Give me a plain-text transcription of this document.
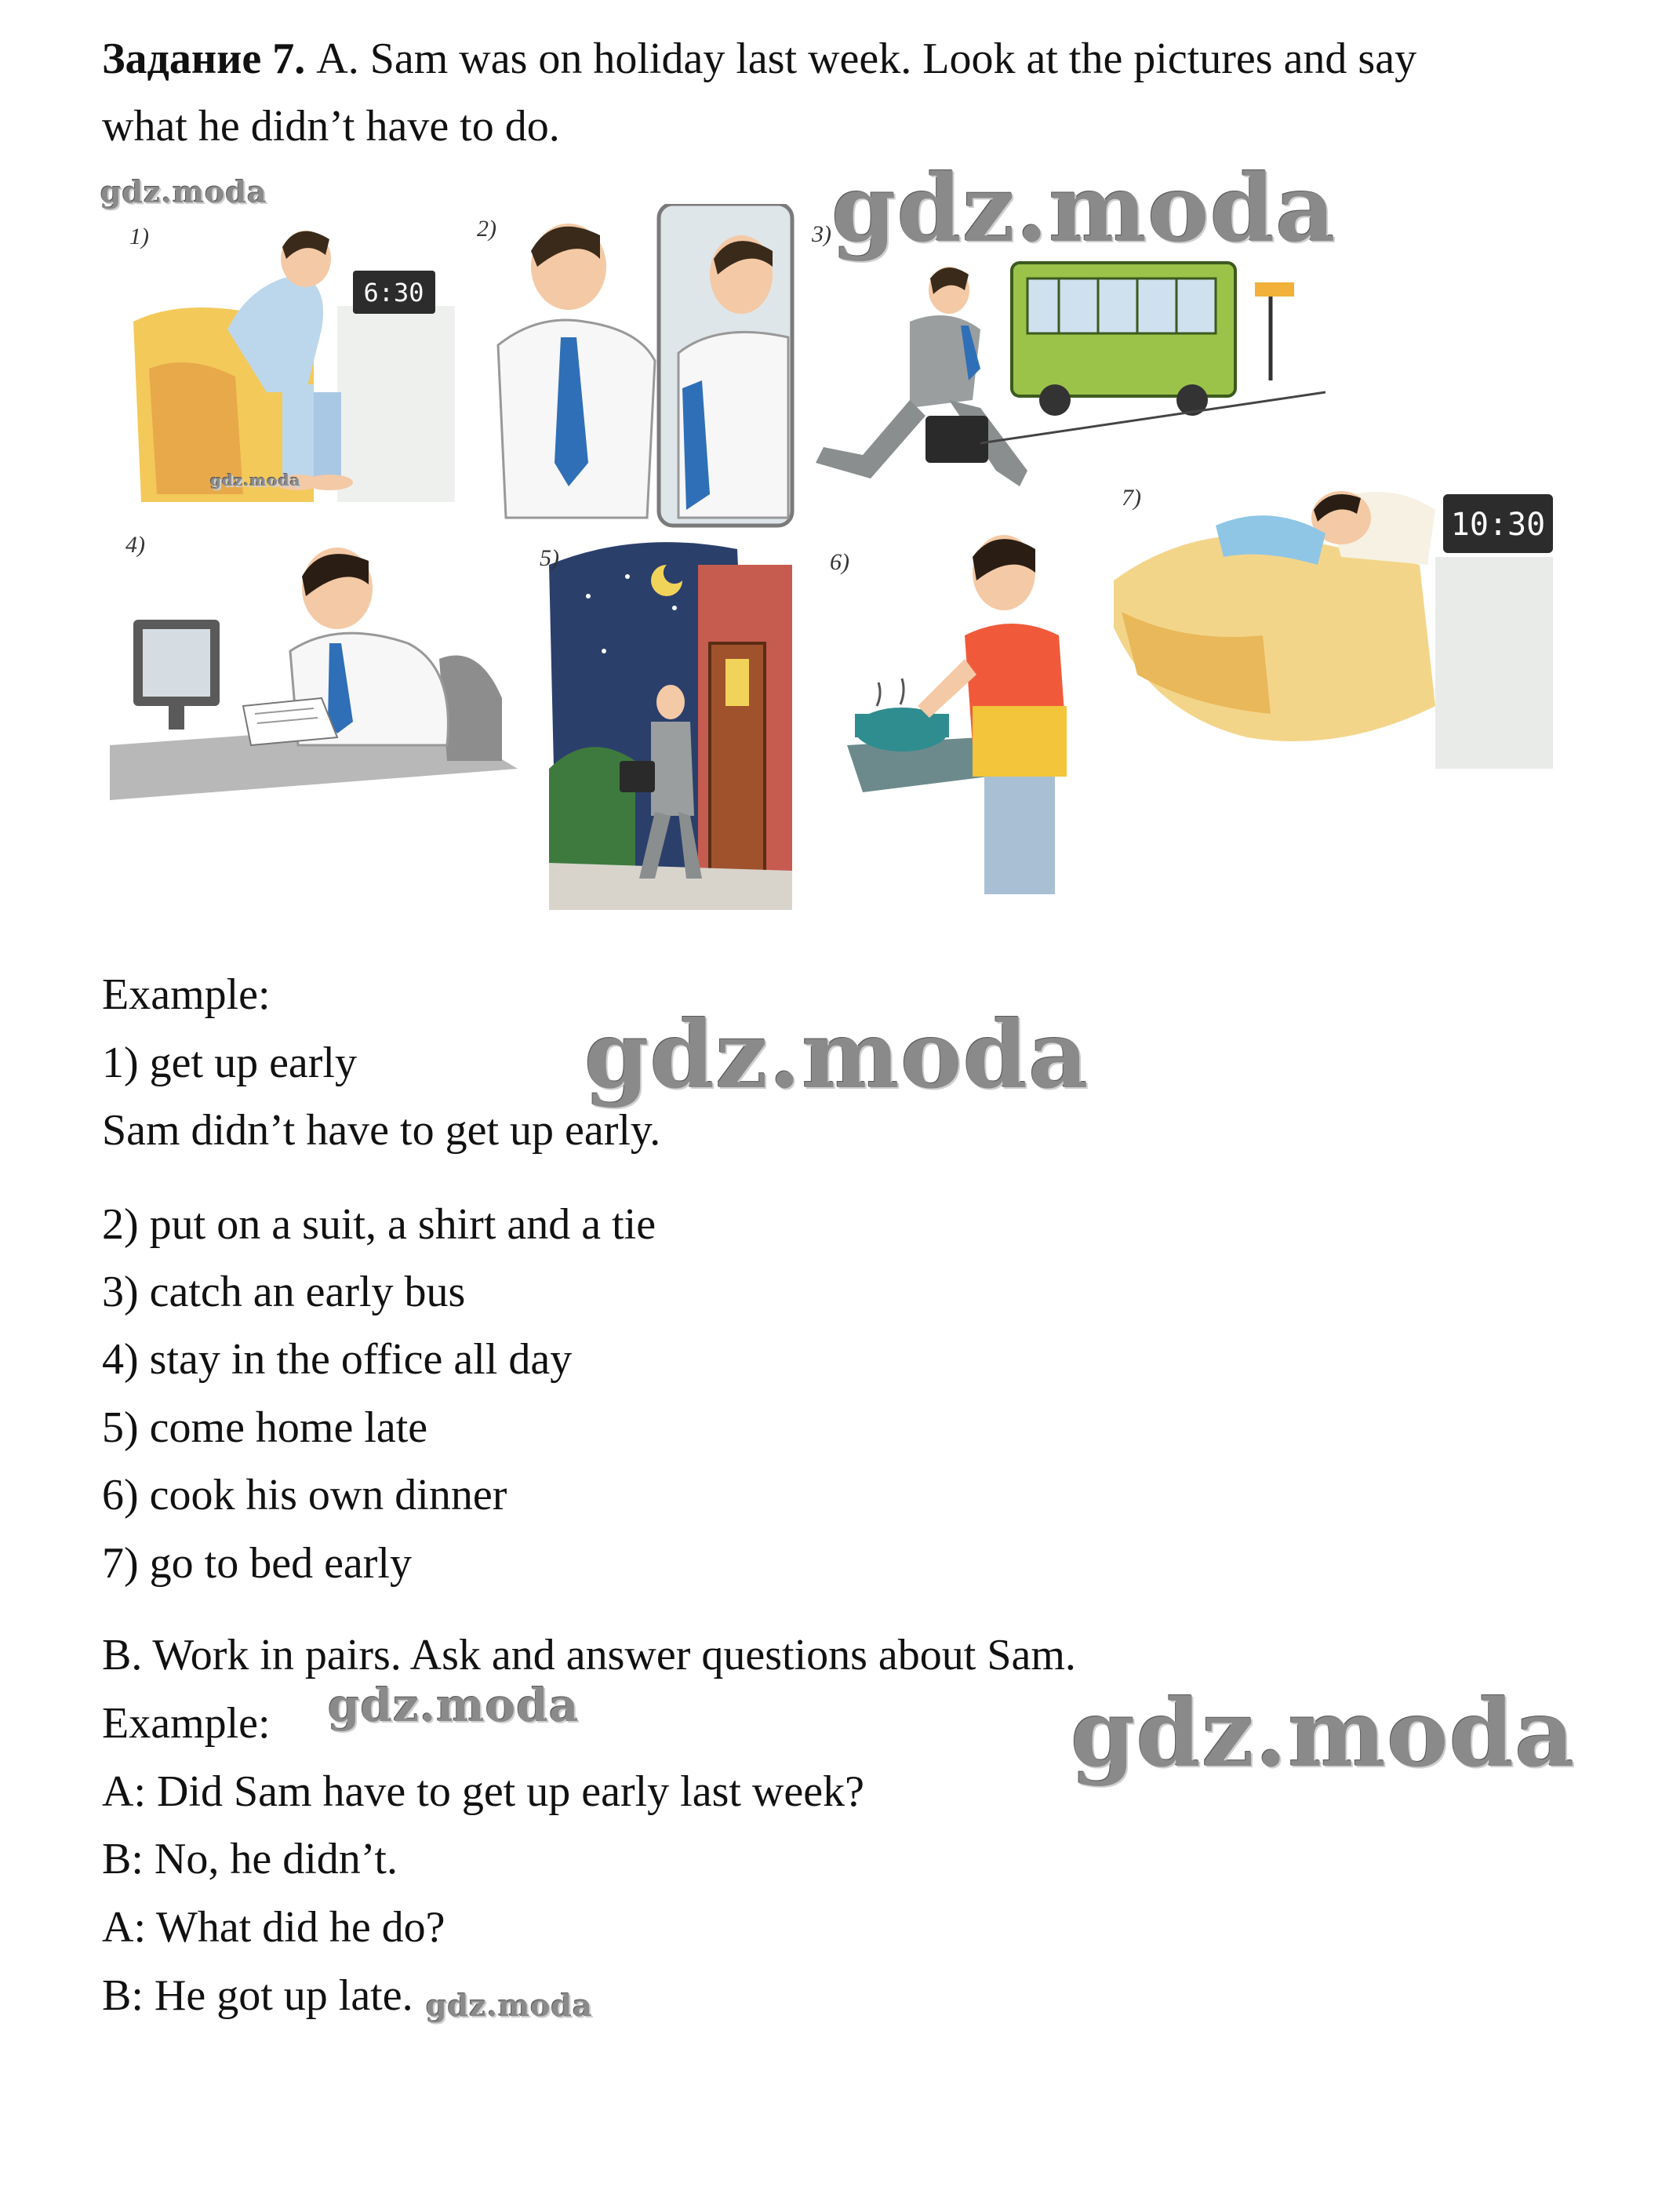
Задание 7. A. Sam was on holiday last week. Look at the pictures and say
what he didn’t have to do.
6:30
1)	2)	3)
4)
5)	6)
10:30
7)
Example:
1) get up early
Sam didn’t have to get up early.
2) put on a suit, a shirt and a tie
3) catch an early bus
4) stay in the office all day
5) come home late
6) cook his own dinner
7) go to bed early
B. Work in pairs. Ask and answer questions about Sam.
Example:
A: Did Sam have to get up early last week?
B: No, he didn’t.
A: What did he do?
B: He got up late.
gdz.moda
gdz.moda
gdz.moda
gdz.moda
gdz.moda	gdz.moda
gdz.moda
